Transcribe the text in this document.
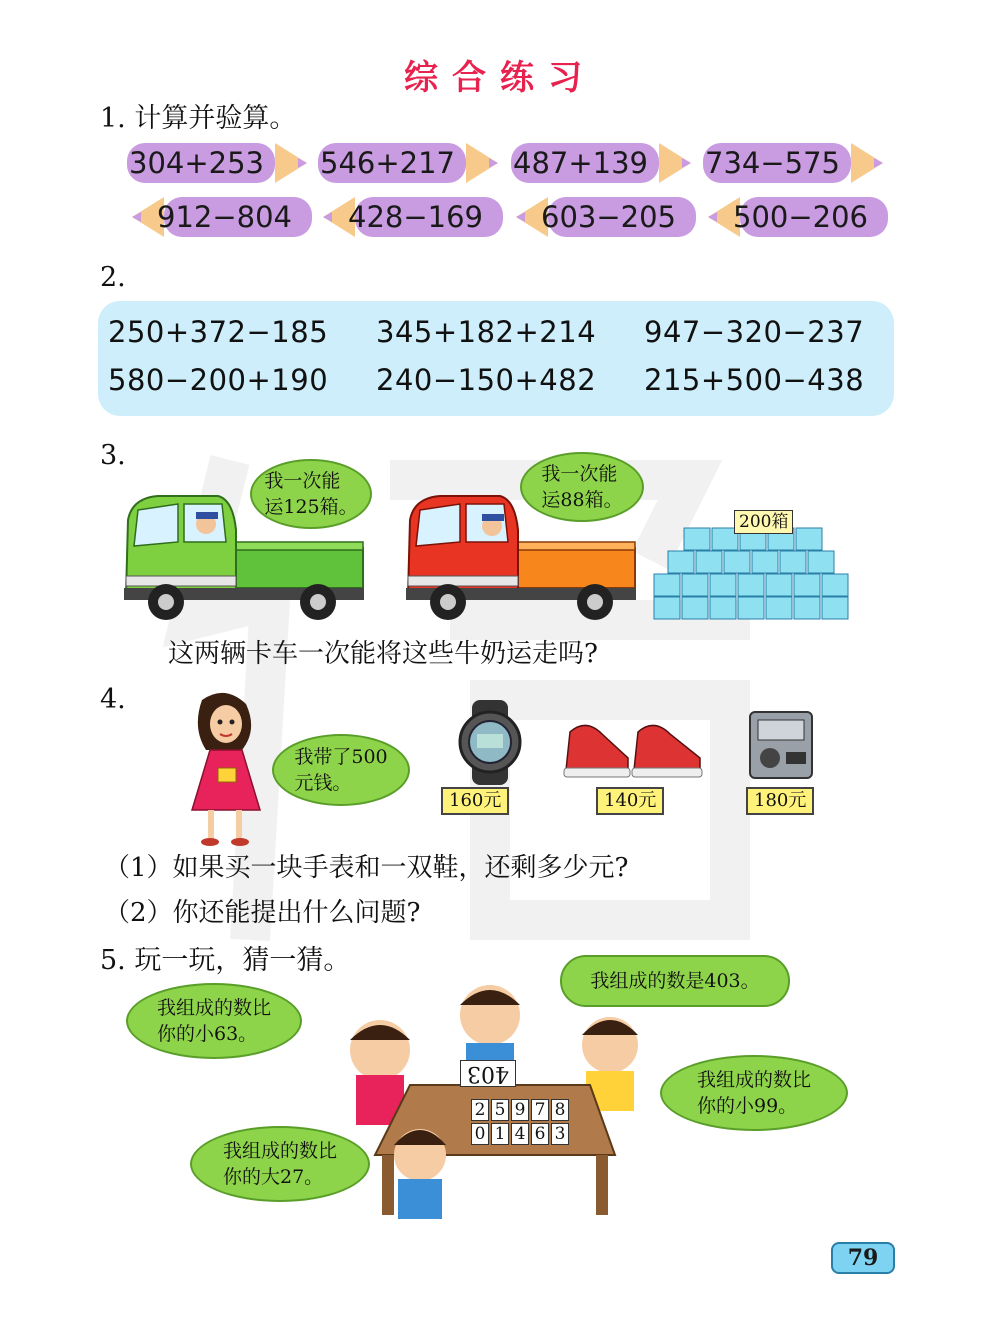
综合练习
1. 计算并验算。
304+253 546+217 487+139 734−575
912−804 428−169 603−205 500−206
2.
250+372−185 345+182+214 947−320−237
580−200+190 240−150+482 215+500−438
3.
我一次能
运125箱。
我一次能
运88箱。
200箱
这两辆卡车一次能将这些牛奶运走吗?
4.
我带了500
元钱。
160元	140元	180元
（1）如果买一块手表和一双鞋，还剩多少元?
（2）你还能提出什么问题?
5. 玩一玩，猜一猜。
403
2 5 9 7 80 1 4 6 3
我组成的数是403。
我组成的数比
你的小63。
我组成的数比
你的小99。
我组成的数比
你的大27。
79
